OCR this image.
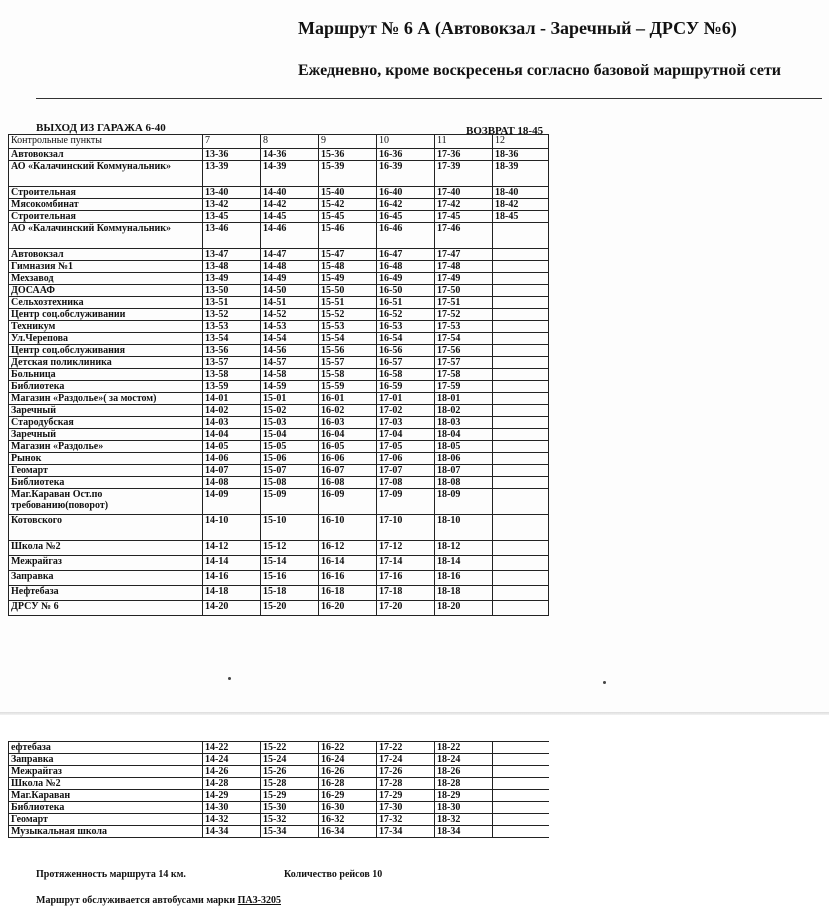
Маршрут № 6 А (Автовокзал - Заречный – ДРСУ №6)
Ежедневно, кроме воскресенья согласно базовой маршрутной сети
ВЫХОД ИЗ ГАРАЖА 6-40	ВОЗВРАТ 18-45
Контрольные пункты	7	8	9	10	11	12
Автовокзал	13-36	14-36	15-36	16-36	17-36	18-36
АО «Калачинский Коммунальник»	13-39	14-39	15-39	16-39	17-39	18-39
Строительная	13-40	14-40	15-40	16-40	17-40	18-40
Мясокомбинат	13-42	14-42	15-42	16-42	17-42	18-42
Строительная	13-45	14-45	15-45	16-45	17-45	18-45
АО «Калачинский Коммунальник»	13-46	14-46	15-46	16-46	17-46	
Автовокзал	13-47	14-47	15-47	16-47	17-47	
Гимназия №1	13-48	14-48	15-48	16-48	17-48	
Мехзавод	13-49	14-49	15-49	16-49	17-49	
ДОСААФ	13-50	14-50	15-50	16-50	17-50	
Сельхозтехника	13-51	14-51	15-51	16-51	17-51	
Центр соц.обслуживании	13-52	14-52	15-52	16-52	17-52	
Техникум	13-53	14-53	15-53	16-53	17-53	
Ул.Черепова	13-54	14-54	15-54	16-54	17-54	
Центр соц.обслуживания	13-56	14-56	15-56	16-56	17-56	
Детская поликлиника	13-57	14-57	15-57	16-57	17-57	
Больница	13-58	14-58	15-58	16-58	17-58	
Библиотека	13-59	14-59	15-59	16-59	17-59	
Магазин «Раздолье»( за мостом)	14-01	15-01	16-01	17-01	18-01	
Заречный	14-02	15-02	16-02	17-02	18-02	
Стародубская	14-03	15-03	16-03	17-03	18-03	
Заречный	14-04	15-04	16-04	17-04	18-04	
Магазин «Раздолье»	14-05	15-05	16-05	17-05	18-05	
Рынок	14-06	15-06	16-06	17-06	18-06	
Геомарт	14-07	15-07	16-07	17-07	18-07	
Библиотека	14-08	15-08	16-08	17-08	18-08	
Маг.Караван Ост.по требованию(поворот)	14-09	15-09	16-09	17-09	18-09	
Котовского	14-10	15-10	16-10	17-10	18-10	
Школа №2	14-12	15-12	16-12	17-12	18-12	
Межрайгаз	14-14	15-14	16-14	17-14	18-14	
Заправка	14-16	15-16	16-16	17-16	18-16	
Нефтебаза	14-18	15-18	16-18	17-18	18-18	
ДРСУ № 6	14-20	15-20	16-20	17-20	18-20	
ефтебаза	14-22	15-22	16-22	17-22	18-22	
Заправка	14-24	15-24	16-24	17-24	18-24	
Межрайгаз	14-26	15-26	16-26	17-26	18-26	
Школа №2	14-28	15-28	16-28	17-28	18-28	
Маг.Караван	14-29	15-29	16-29	17-29	18-29	
Библиотека	14-30	15-30	16-30	17-30	18-30	
Геомарт	14-32	15-32	16-32	17-32	18-32	
Музыкальная школа	14-34	15-34	16-34	17-34	18-34	
Протяженность маршрута 14 км.	Количество рейсов 10
Маршрут обслуживается автобусами марки ПАЗ-3205
